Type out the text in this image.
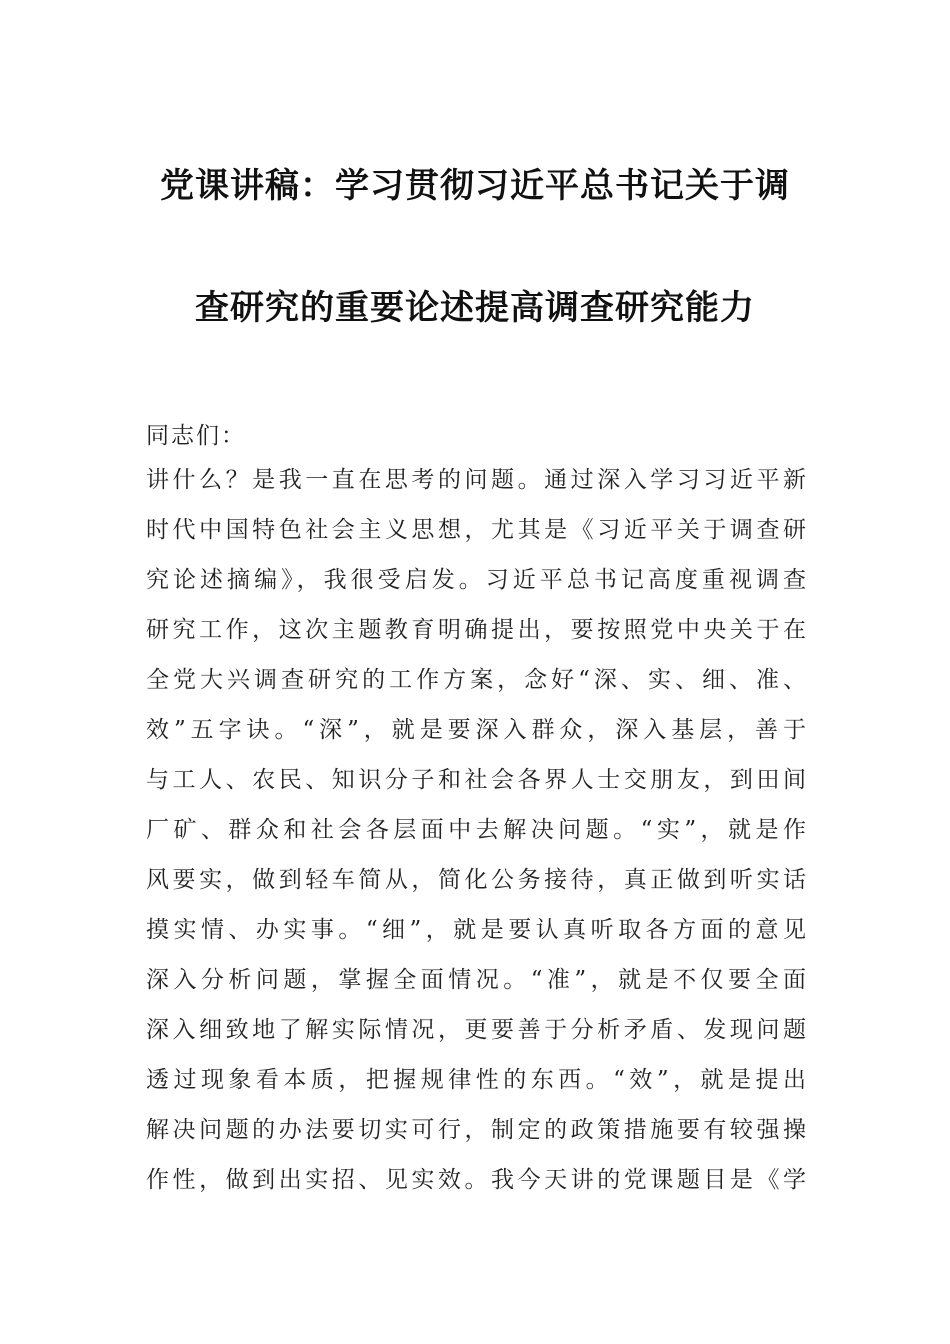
党课讲稿：学习贯彻习近平总书记关于调
查研究的重要论述提高调查研究能力
同志们：
讲什么？是我一直在思考的问题。通过深入学习习近平新
时代中国特色社会主义思想，尤其是《习近平关于调查研
究论述摘编》，我很受启发。习近平总书记高度重视调查
研究工作，这次主题教育明确提出，要按照党中央关于在
全党大兴调查研究的工作方案，念好“深、实、细、准、
效”五字诀。“深”，就是要深入群众，深入基层，善于
与工人、农民、知识分子和社会各界人士交朋友，到田间
厂矿、群众和社会各层面中去解决问题。“实”，就是作
风要实，做到轻车简从，简化公务接待，真正做到听实话
摸实情、办实事。“细”，就是要认真听取各方面的意见
深入分析问题，掌握全面情况。“准”，就是不仅要全面
深入细致地了解实际情况，更要善于分析矛盾、发现问题
透过现象看本质，把握规律性的东西。“效”，就是提出
解决问题的办法要切实可行，制定的政策措施要有较强操
作性，做到出实招、见实效。我今天讲的党课题目是《学
